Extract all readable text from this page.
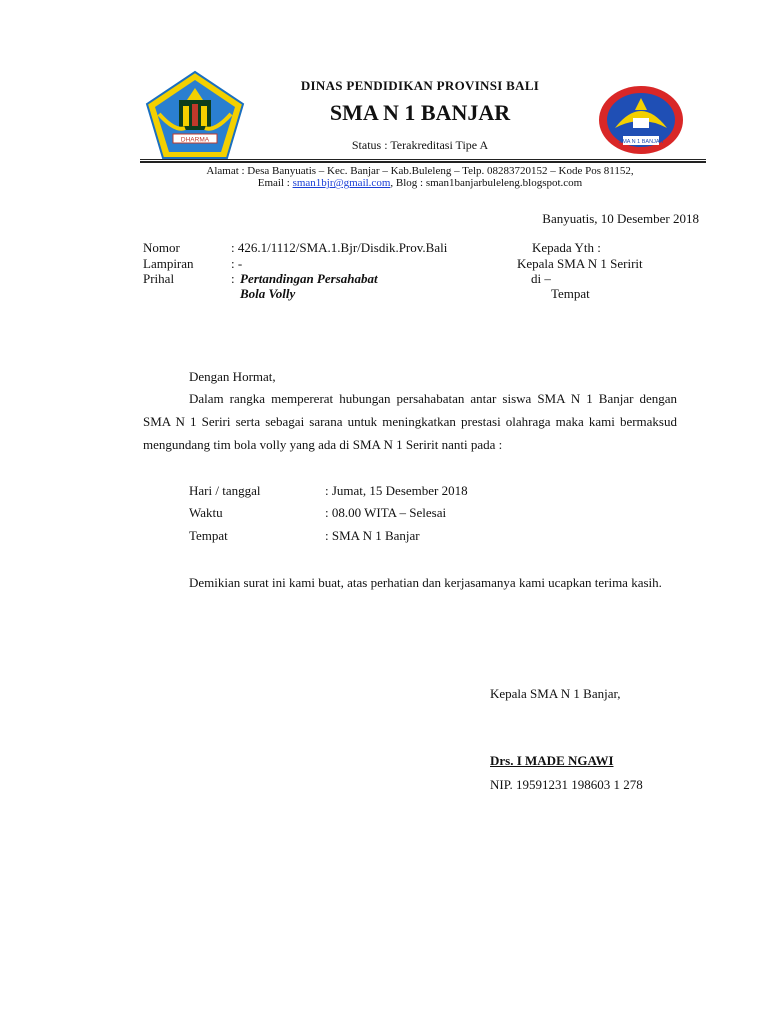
DHARMA	SMA N 1 BANJAR
DINAS PENDIDIKAN PROVINSI BALI
SMA N 1 BANJAR
Status : Terakreditasi Tipe A
Alamat : Desa Banyuatis – Kec. Banjar – Kab.Buleleng – Telp. 08283720152 – Kode Pos 81152,
Email : sman1bjr@gmail.com, Blog : sman1banjarbuleleng.blogspot.com
Banyuatis, 10 Desember 2018
Nomor	: 426.1/1112/SMA.1.Bjr/Disdik.Prov.Bali
Lampiran	: -
Prihal	: Pertandingan Persahabat
Bola Volly
Kepada Yth :
Kepala SMA N 1 Seririt
di –
Tempat
Dengan Hormat,
Dalam rangka mempererat hubungan persahabatan antar siswa SMA N 1 Banjar dengan SMA N 1 Seriri serta sebagai sarana untuk meningkatkan prestasi olahraga maka kami bermaksud mengundang tim bola volly yang ada di SMA N 1 Seririt nanti pada :
Hari / tanggal	: Jumat, 15 Desember 2018
Waktu	: 08.00 WITA – Selesai
Tempat	: SMA N 1 Banjar
Demikian surat ini kami buat, atas perhatian dan kerjasamanya kami ucapkan terima kasih.
Kepala SMA N 1 Banjar,
Drs. I MADE NGAWI
NIP. 19591231 198603 1 278
